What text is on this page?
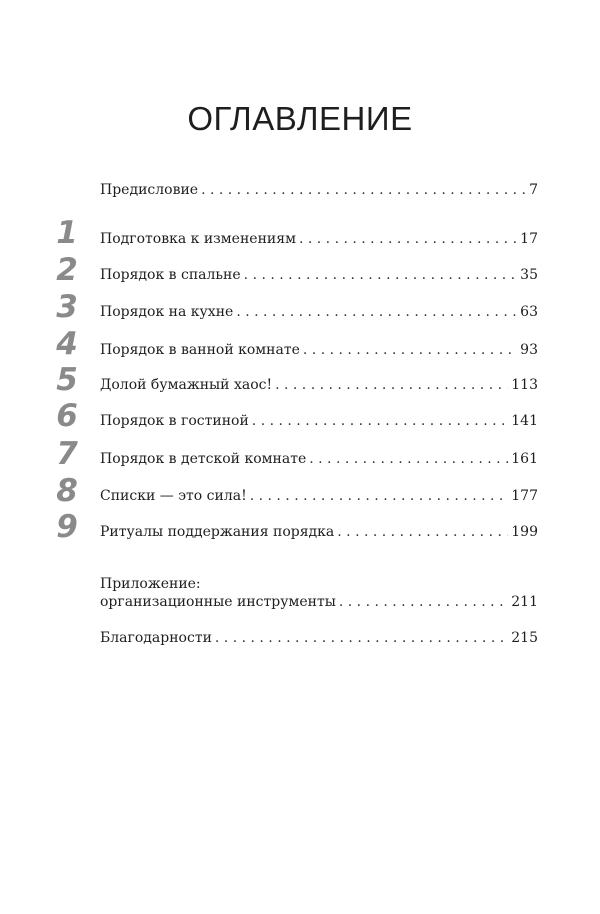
ОГЛАВЛЕНИЕ
Предисловие . . .	7
1	Подготовка к изменениям . . .	17
2	Порядок в спальне . . .	35
3	Порядок на кухне . . .	63
4	Порядок в ванной комнате . . .	93
5	Долой бумажный хаос! . . .	113
6	Порядок в гостиной . . .	141
7	Порядок в детской комнате . . .	161
8	Списки — это сила! . . .	177
9	Ритуалы поддержания порядка . . .	199
Приложение:
организационные инструменты . . .	211
Благодарности . . .	215
